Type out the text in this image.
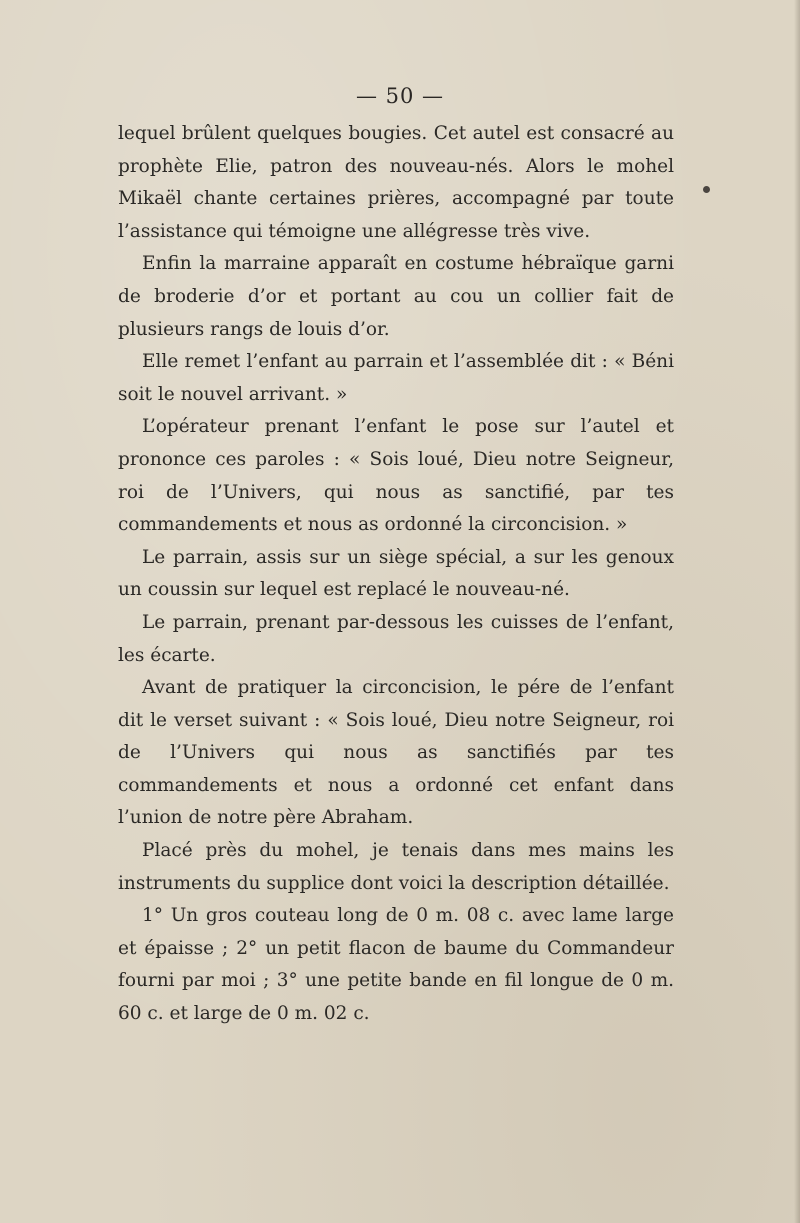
— 50 —

lequel brûlent quelques bougies. Cet autel est consacré au prophète Elie, patron des nouveau-nés. Alors le mohel Mikaël chante certaines prières, accompagné par toute l’assistance qui témoigne une allégresse très vive.

Enfin la marraine apparaît en costume hébraïque garni de broderie d’or et portant au cou un collier fait de plusieurs rangs de louis d’or.

Elle remet l’enfant au parrain et l’assemblée dit : « Béni soit le nouvel arrivant. »

L’opérateur prenant l’enfant le pose sur l’autel et prononce ces paroles : « Sois loué, Dieu notre Seigneur, roi de l’Univers, qui nous as sanctifié, par tes commandements et nous as ordonné la circoncision. »

Le parrain, assis sur un siège spécial, a sur les genoux un coussin sur lequel est replacé le nouveau-né.

Le parrain, prenant par-dessous les cuisses de l’enfant, les écarte.

Avant de pratiquer la circoncision, le pére de l’enfant dit le verset suivant : « Sois loué, Dieu notre Seigneur, roi de l’Univers qui nous as sanctifiés par tes commandements et nous a ordonné cet enfant dans l’union de notre père Abraham.

Placé près du mohel, je tenais dans mes mains les instruments du supplice dont voici la description détaillée.

1° Un gros couteau long de 0 m. 08 c. avec lame large et épaisse ; 2° un petit flacon de baume du Commandeur fourni par moi ; 3° une petite bande en fil longue de 0 m. 60 c. et large de 0 m. 02 c.
